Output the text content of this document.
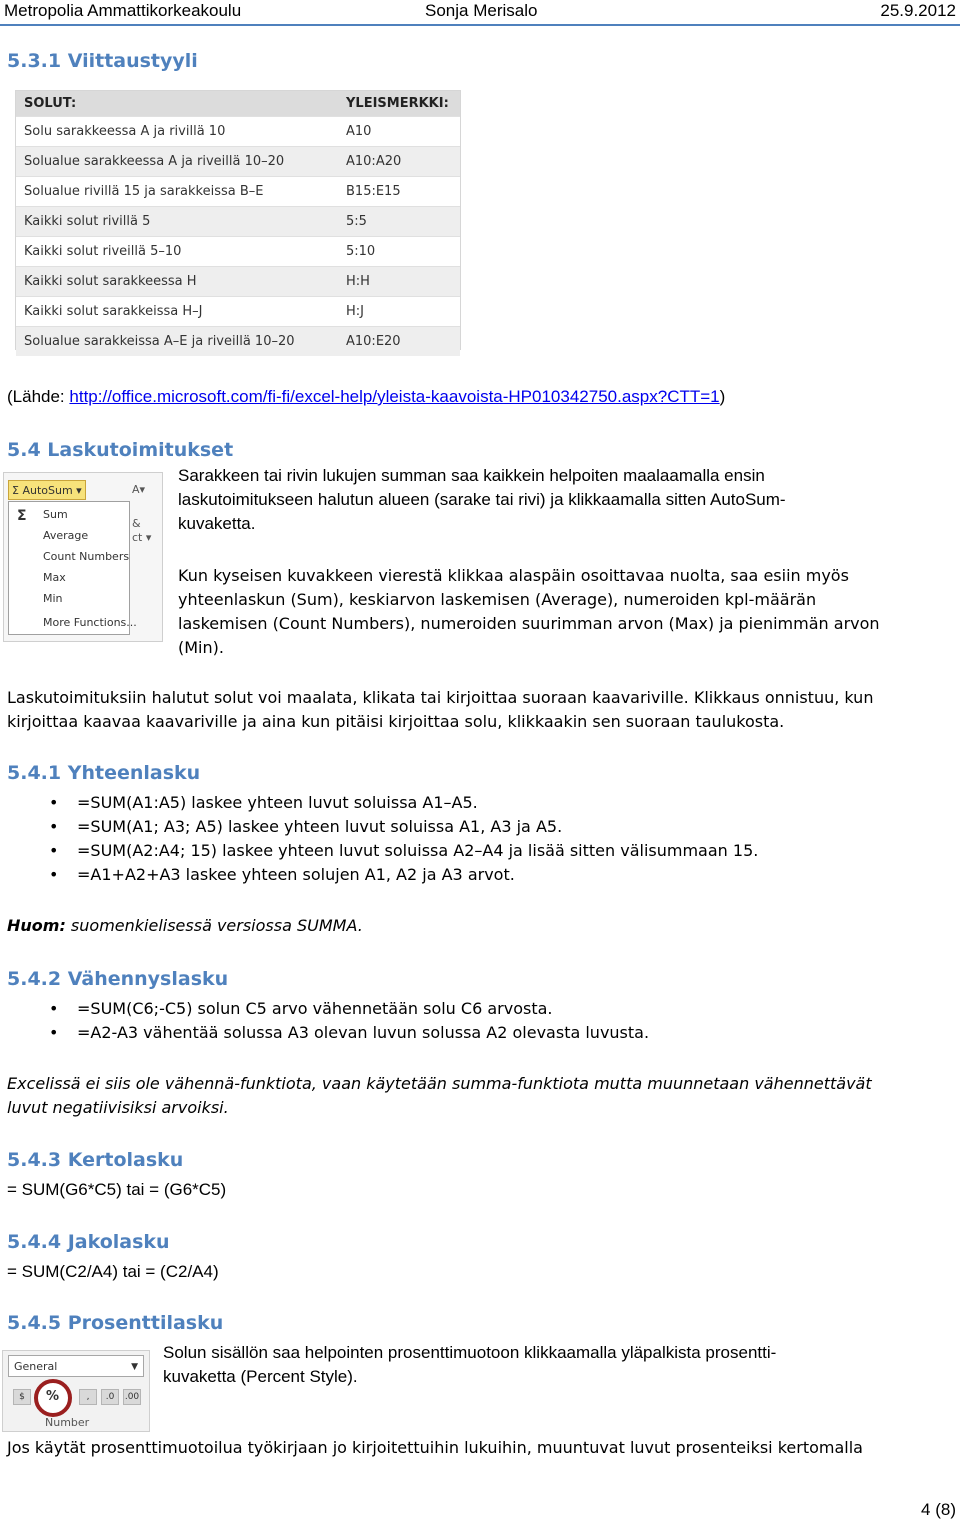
Metropolia Ammattikorkeakoulu	Sonja Merisalo	25.9.2012
5.3.1 Viittaustyyli
SOLUT:	YLEISMERKKI:
Solu sarakkeessa A ja rivillä 10	A10
Solualue sarakkeessa A ja riveillä 10–20	A10:A20
Solualue rivillä 15 ja sarakkeissa B–E	B15:E15
Kaikki solut rivillä 5	5:5
Kaikki solut riveillä 5–10	5:10
Kaikki solut sarakkeessa H	H:H
Kaikki solut sarakkeissa H–J	H:J
Solualue sarakkeissa A–E ja riveillä 10–20	A10:E20
(Lähde: http://office.microsoft.com/fi-fi/excel-help/yleista-kaavoista-HP010342750.aspx?CTT=1)
5.4 Laskutoimitukset
Σ AutoSum ▾	A▾
&
ct ▾
Σ Sum
Average
Count Numbers
Max
Min
More Functions...
Sarakkeen tai rivin lukujen summan saa kaikkein helpoiten maalaamalla ensin
laskutoimitukseen halutun alueen (sarake tai rivi) ja klikkaamalla sitten AutoSum-
kuvaketta.
Kun kyseisen kuvakkeen vierestä klikkaa alaspäin osoittavaa nuolta, saa esiin myös
yhteenlaskun (Sum), keskiarvon laskemisen (Average), numeroiden kpl-määrän
laskemisen (Count Numbers), numeroiden suurimman arvon (Max) ja pienimmän arvon
(Min).
Laskutoimituksiin halutut solut voi maalata, klikata tai kirjoittaa suoraan kaavariville. Klikkaus onnistuu, kun
kirjoittaa kaavaa kaavariville ja aina kun pitäisi kirjoittaa solu, klikkaakin sen suoraan taulukosta.
5.4.1 Yhteenlasku
• =SUM(A1:A5) laskee yhteen luvut soluissa A1–A5.
• =SUM(A1; A3; A5) laskee yhteen luvut soluissa A1, A3 ja A5.
• =SUM(A2:A4; 15) laskee yhteen luvut soluissa A2–A4 ja lisää sitten välisummaan 15.
• =A1+A2+A3 laskee yhteen solujen A1, A2 ja A3 arvot.
Huom: suomenkielisessä versiossa SUMMA.
5.4.2 Vähennyslasku
• =SUM(C6;-C5) solun C5 arvo vähennetään solu C6 arvosta.
• =A2-A3 vähentää solussa A3 olevan luvun solussa A2 olevasta luvusta.
Excelissä ei siis ole vähennä-funktiota, vaan käytetään summa-funktiota mutta muunnetaan vähennettävät
luvut negatiivisiksi arvoiksi.
5.4.3 Kertolasku
= SUM(G6*C5) tai = (G6*C5)
5.4.4 Jakolasku
= SUM(C2/A4) tai = (C2/A4)
5.4.5 Prosenttilasku
General	▼
$	%	,	.0	.00
Number
Solun sisällön saa helpointen prosenttimuotoon klikkaamalla yläpalkista prosentti-
kuvaketta (Percent Style).
Jos käytät prosenttimuotoilua työkirjaan jo kirjoitettuihin lukuihin, muuntuvat luvut prosenteiksi kertomalla
4 (8)
